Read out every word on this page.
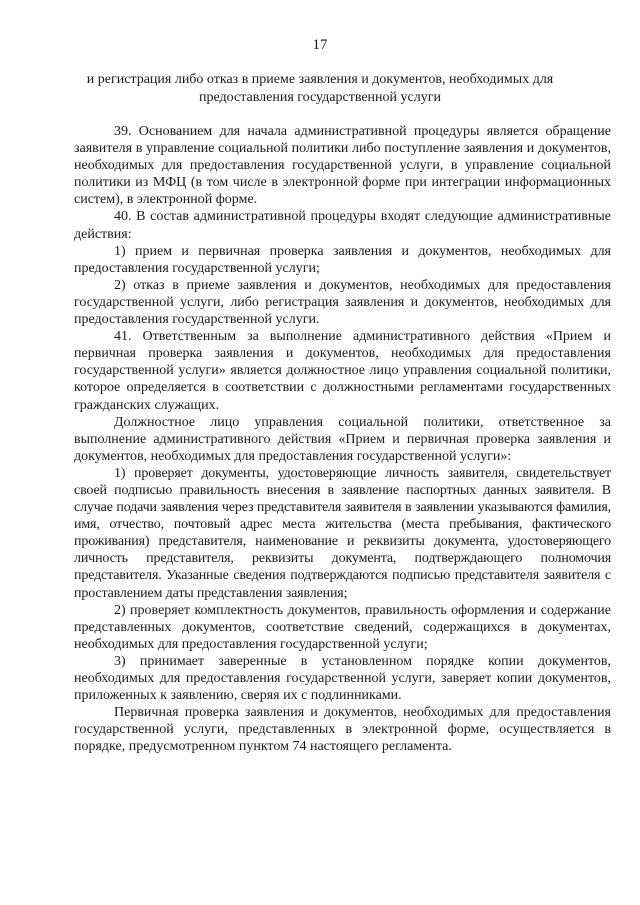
17
и регистрация либо отказ в приеме заявления и документов, необходимых для предоставления государственной услуги

39. Основанием для начала административной процедуры является обращение заявителя в управление социальной политики либо поступление заявления и документов, необходимых для предоставления государственной услуги, в управление социальной политики из МФЦ (в том числе в электронной форме при интеграции информационных систем), в электронной форме.

40. В состав административной процедуры входят следующие административные действия:

1) прием и первичная проверка заявления и документов, необходимых для предоставления государственной услуги;

2) отказ в приеме заявления и документов, необходимых для предоставления государственной услуги, либо регистрация заявления и документов, необходимых для предоставления государственной услуги.

41. Ответственным за выполнение административного действия «Прием и первичная проверка заявления и документов, необходимых для предоставления государственной услуги» является должностное лицо управления социальной политики, которое определяется в соответствии с должностными регламентами государственных гражданских служащих.

Должностное лицо управления социальной политики, ответственное за выполнение административного действия «Прием и первичная проверка заявления и документов, необходимых для предоставления государственной услуги»:

1) проверяет документы, удостоверяющие личность заявителя, свидетельствует своей подписью правильность внесения в заявление паспортных данных заявителя. В случае подачи заявления через представителя заявителя в заявлении указываются фамилия, имя, отчество, почтовый адрес места жительства (места пребывания, фактического проживания) представителя, наименование и реквизиты документа, удостоверяющего личность представителя, реквизиты документа, подтверждающего полномочия представителя. Указанные сведения подтверждаются подписью представителя заявителя с проставлением даты представления заявления;

2) проверяет комплектность документов, правильность оформления и содержание представленных документов, соответствие сведений, содержащихся в документах, необходимых для предоставления государственной услуги;

3) принимает заверенные в установленном порядке копии документов, необходимых для предоставления государственной услуги, заверяет копии документов, приложенных к заявлению, сверяя их с подлинниками.

Первичная проверка заявления и документов, необходимых для предоставления государственной услуги, представленных в электронной форме, осуществляется в порядке, предусмотренном пунктом 74 настоящего регламента.
